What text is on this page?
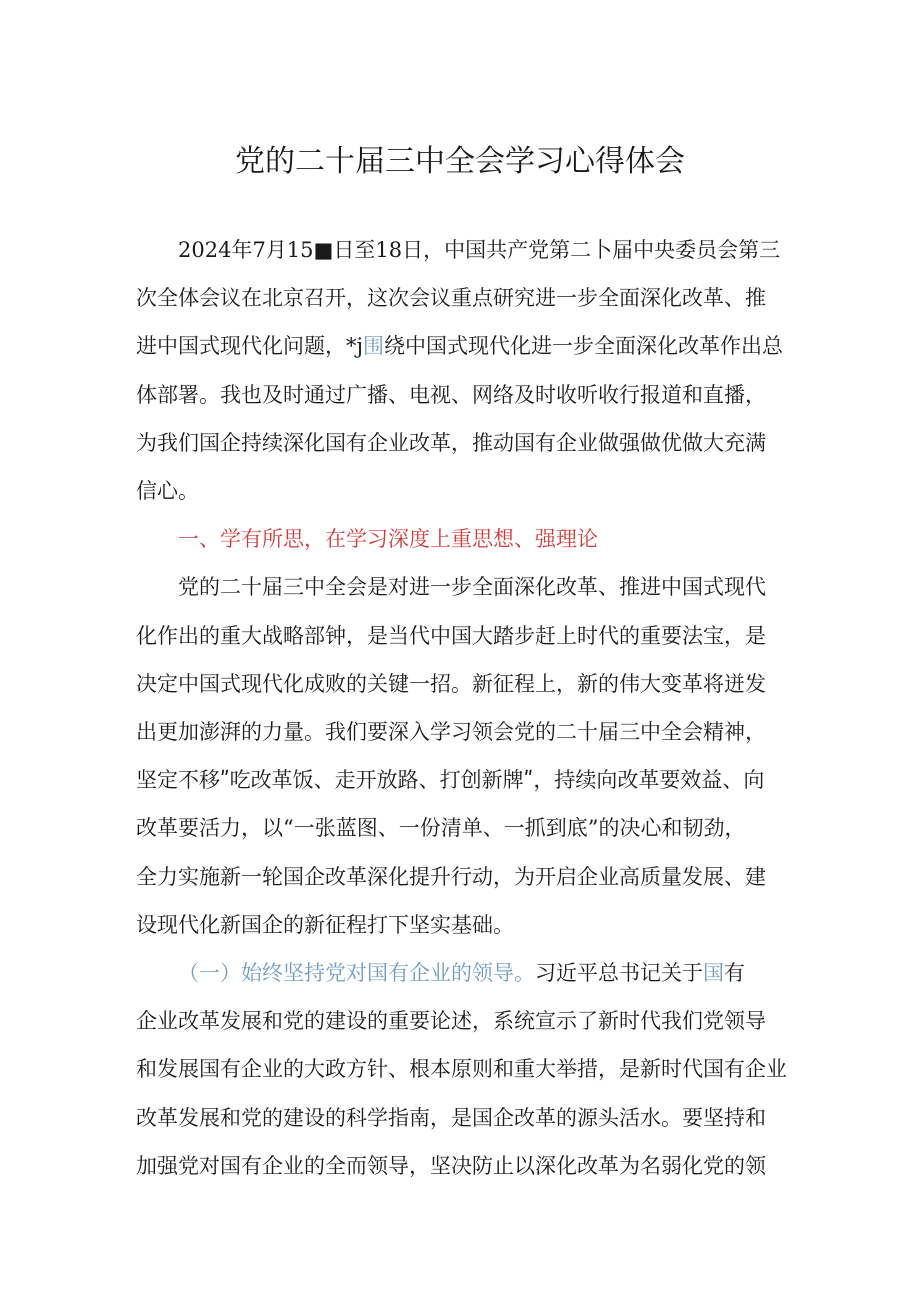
党的二十届三中全会学习心得体会

2024年7月15■日至18日，中国共产党第二卜届中央委员会第三
次全体会议在北京召开，这次会议重点研究进一步全面深化改革、推
进中国式现代化问题，*j围绕中国式现代化进一步全面深化改革作出总
体部署。我也及时通过广播、电视、网络及时收听收行报道和直播，
为我们国企持续深化国有企业改革，推动国有企业做强做优做大充满
信心。

一、学有所思，在学习深度上重思想、强理论

党的二十届三中全会是对进一步全面深化改革、推进中国式现代
化作出的重大战略部钟，是当代中国大踏步赶上时代的重要法宝，是
决定中国式现代化成败的关键一招。新征程上，新的伟大变革将迸发
出更加澎湃的力量。我们要深入学习领会党的二十届三中全会精神，
坚定不移ʺ吃改革饭、走开放路、打创新牌ʺ，持续向改革要效益、向
改革要活力，以“一张蓝图、一份清单、一抓到底”的决心和韧劲，
全力实施新一轮国企改革深化提升行动，为开启企业高质量发展、建
设现代化新国企的新征程打下坚实基础。

（一）始终坚持党对国有企业的领导。习近平总书记关于国有
企业改革发展和党的建设的重要论述，系统宣示了新时代我们党领导
和发展国有企业的大政方针、根本原则和重大举措，是新时代国有企业
改革发展和党的建设的科学指南，是国企改革的源头活水。要坚持和
加强党对国有企业的全而领导，坚决防止以深化改革为名弱化党的领
